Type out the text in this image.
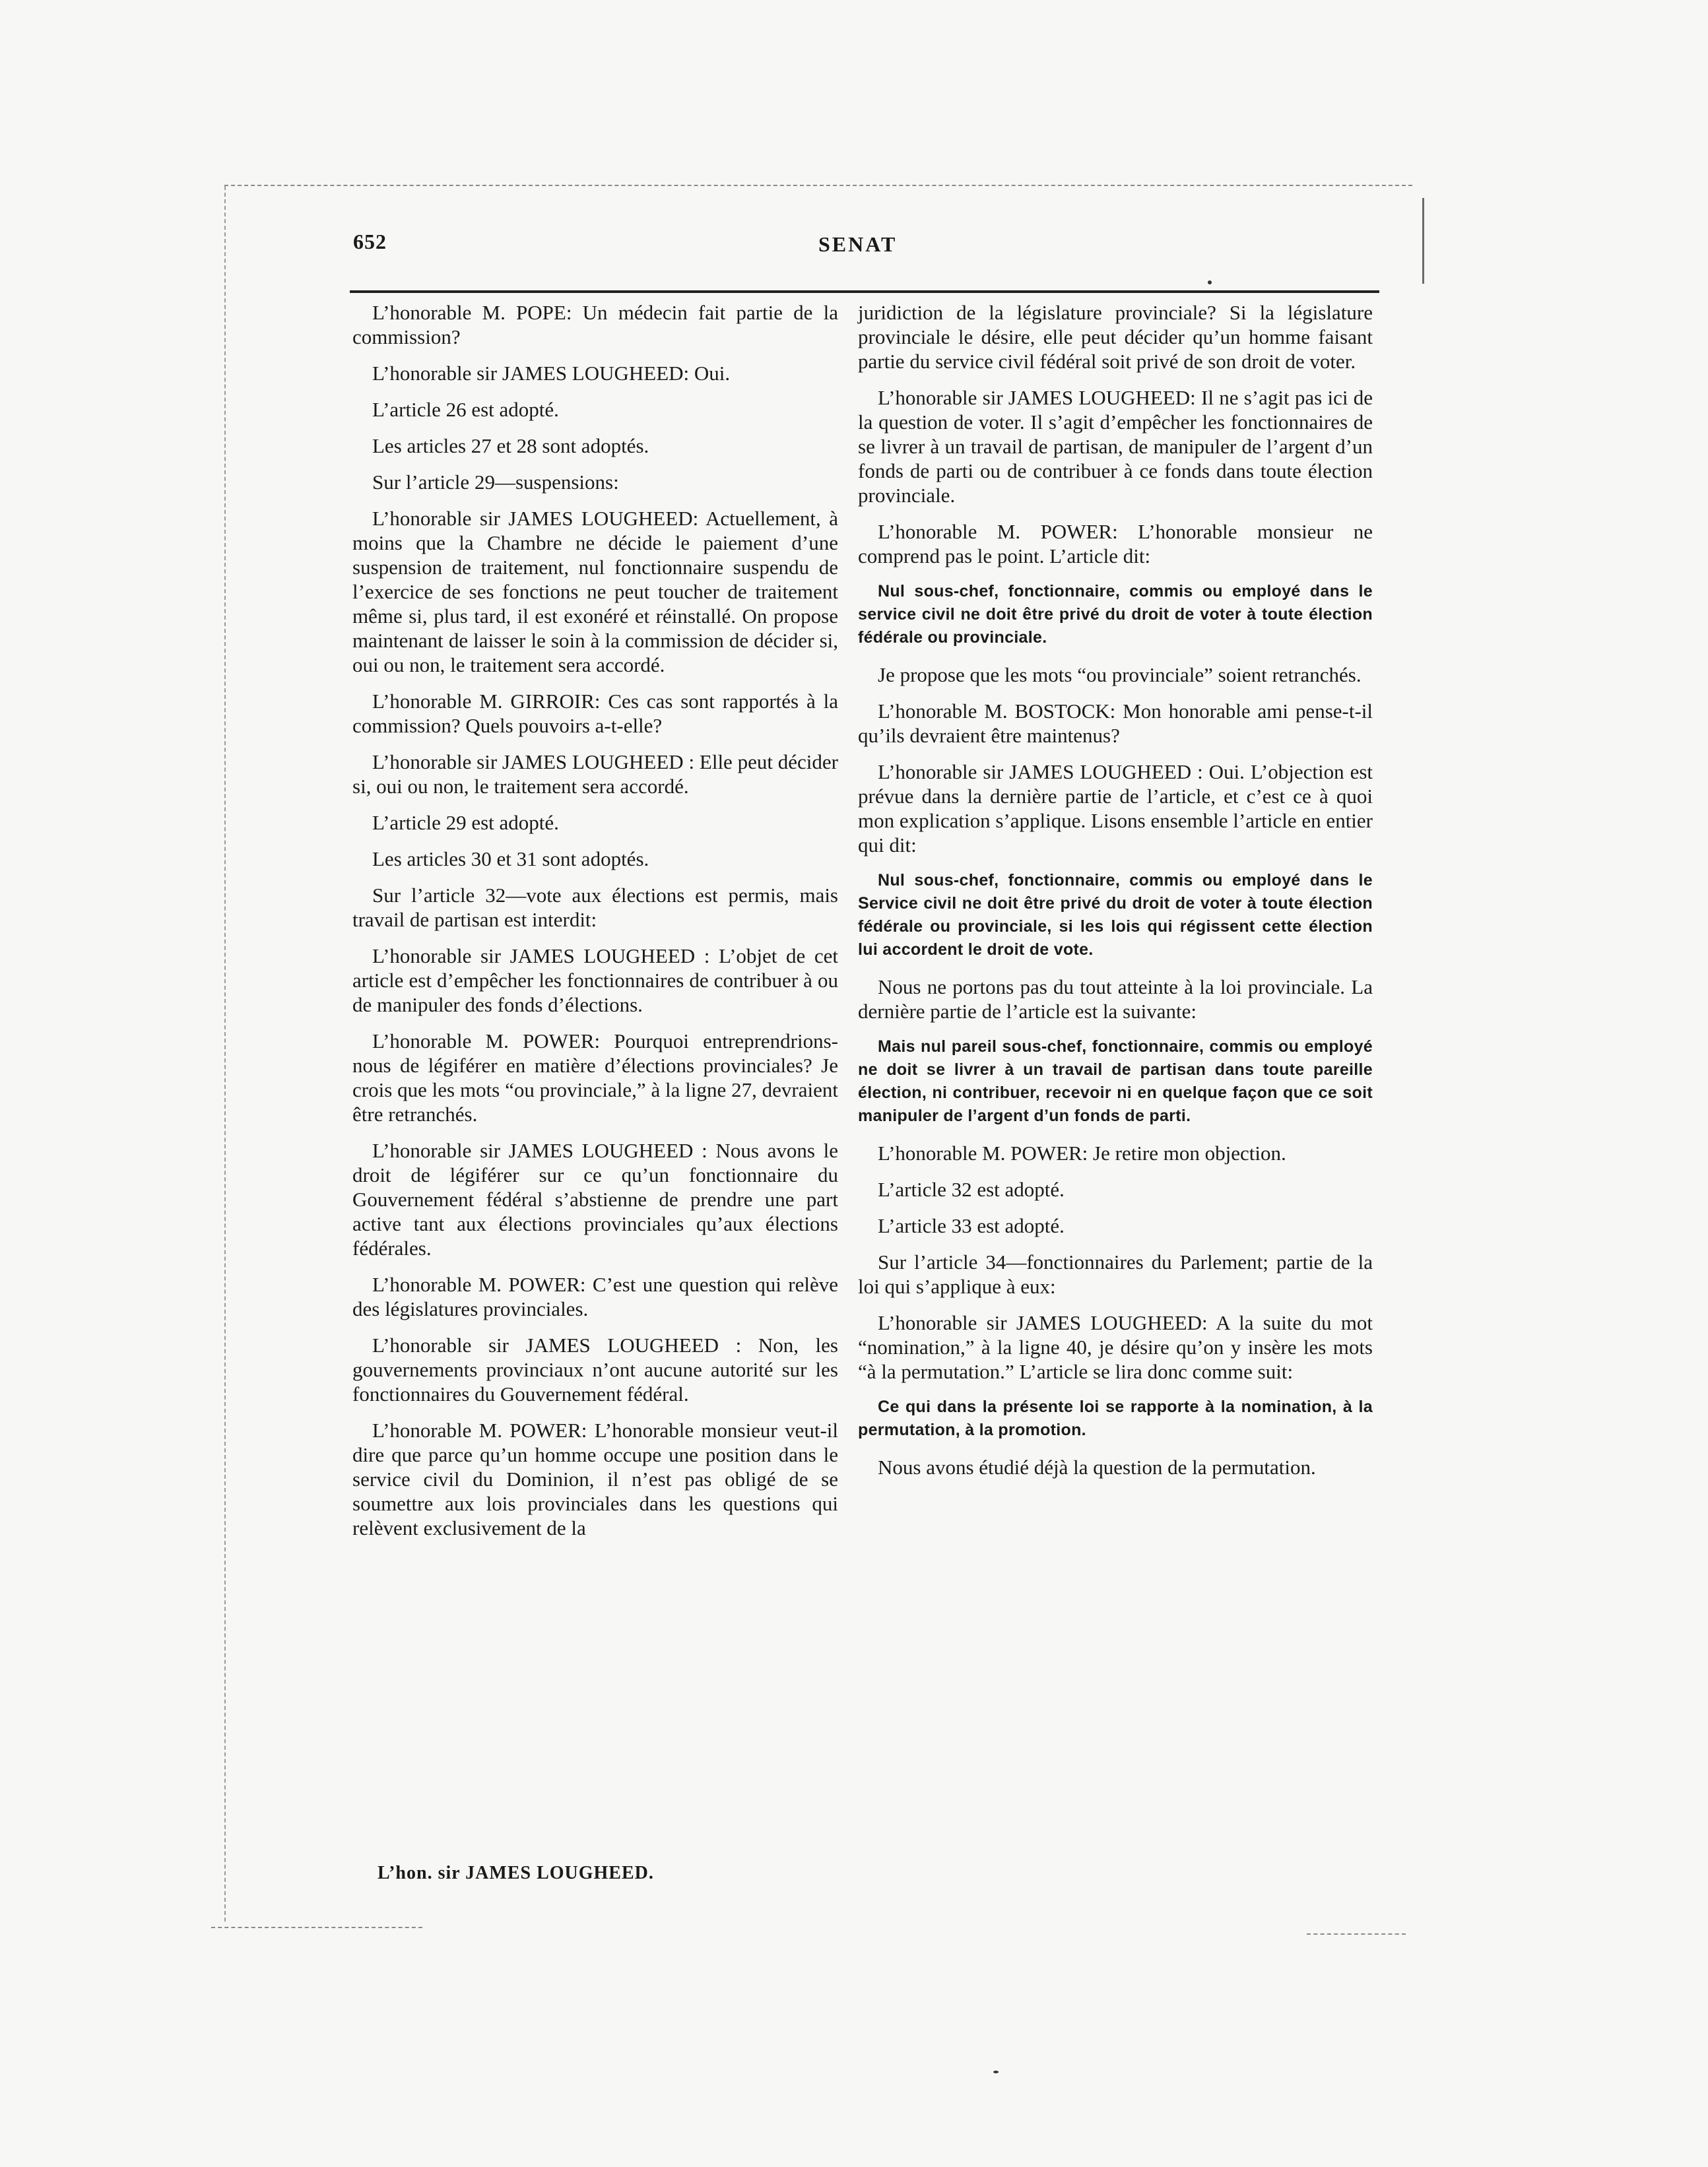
652	SENAT

L’honorable M. POPE: Un médecin fait partie de la commission?

L’honorable sir JAMES LOUGHEED: Oui.

L’article 26 est adopté.

Les articles 27 et 28 sont adoptés.

Sur l’article 29—suspensions:

L’honorable sir JAMES LOUGHEED: Actuellement, à moins que la Chambre ne décide le paiement d’une suspension de traitement, nul fonctionnaire suspendu de l’exercice de ses fonctions ne peut toucher de traitement même si, plus tard, il est exonéré et réinstallé. On propose maintenant de laisser le soin à la commission de décider si, oui ou non, le traitement sera accordé.

L’honorable M. GIRROIR: Ces cas sont rapportés à la commission? Quels pouvoirs a-t-elle?

L’honorable sir JAMES LOUGHEED : Elle peut décider si, oui ou non, le traitement sera accordé.

L’article 29 est adopté.

Les articles 30 et 31 sont adoptés.

Sur l’article 32—vote aux élections est permis, mais travail de partisan est interdit:

L’honorable sir JAMES LOUGHEED : L’objet de cet article est d’empêcher les fonctionnaires de contribuer à ou de manipuler des fonds d’élections.

L’honorable M. POWER: Pourquoi entreprendrions-nous de légiférer en matière d’élections provinciales? Je crois que les mots “ou provinciale,” à la ligne 27, devraient être retranchés.

L’honorable sir JAMES LOUGHEED : Nous avons le droit de légiférer sur ce qu’un fonctionnaire du Gouvernement fédéral s’abstienne de prendre une part active tant aux élections provinciales qu’aux élections fédérales.

L’honorable M. POWER: C’est une question qui relève des législatures provinciales.

L’honorable sir JAMES LOUGHEED : Non, les gouvernements provinciaux n’ont aucune autorité sur les fonctionnaires du Gouvernement fédéral.

L’honorable M. POWER: L’honorable monsieur veut-il dire que parce qu’un homme occupe une position dans le service civil du Dominion, il n’est pas obligé de se soumettre aux lois provinciales dans les questions qui relèvent exclusivement de la

juridiction de la législature provinciale? Si la législature provinciale le désire, elle peut décider qu’un homme faisant partie du service civil fédéral soit privé de son droit de voter.

L’honorable sir JAMES LOUGHEED: Il ne s’agit pas ici de la question de voter. Il s’agit d’empêcher les fonctionnaires de se livrer à un travail de partisan, de manipuler de l’argent d’un fonds de parti ou de contribuer à ce fonds dans toute élection provinciale.

L’honorable M. POWER: L’honorable monsieur ne comprend pas le point. L’article dit:

Nul sous-chef, fonctionnaire, commis ou employé dans le service civil ne doit être privé du droit de voter à toute élection fédérale ou provinciale.

Je propose que les mots “ou provinciale” soient retranchés.

L’honorable M. BOSTOCK: Mon honorable ami pense-t-il qu’ils devraient être maintenus?

L’honorable sir JAMES LOUGHEED : Oui. L’objection est prévue dans la dernière partie de l’article, et c’est ce à quoi mon explication s’applique. Lisons ensemble l’article en entier qui dit:

Nul sous-chef, fonctionnaire, commis ou employé dans le Service civil ne doit être privé du droit de voter à toute élection fédérale ou provinciale, si les lois qui régissent cette élection lui accordent le droit de vote.

Nous ne portons pas du tout atteinte à la loi provinciale. La dernière partie de l’article est la suivante:

Mais nul pareil sous-chef, fonctionnaire, commis ou employé ne doit se livrer à un travail de partisan dans toute pareille élection, ni contribuer, recevoir ni en quelque façon que ce soit manipuler de l’argent d’un fonds de parti.

L’honorable M. POWER: Je retire mon objection.

L’article 32 est adopté.

L’article 33 est adopté.

Sur l’article 34—fonctionnaires du Parlement; partie de la loi qui s’applique à eux:

L’honorable sir JAMES LOUGHEED: A la suite du mot “nomination,” à la ligne 40, je désire qu’on y insère les mots “à la permutation.” L’article se lira donc comme suit:

Ce qui dans la présente loi se rapporte à la nomination, à la permutation, à la promotion.

Nous avons étudié déjà la question de la permutation.

L’hon. sir JAMES LOUGHEED.
